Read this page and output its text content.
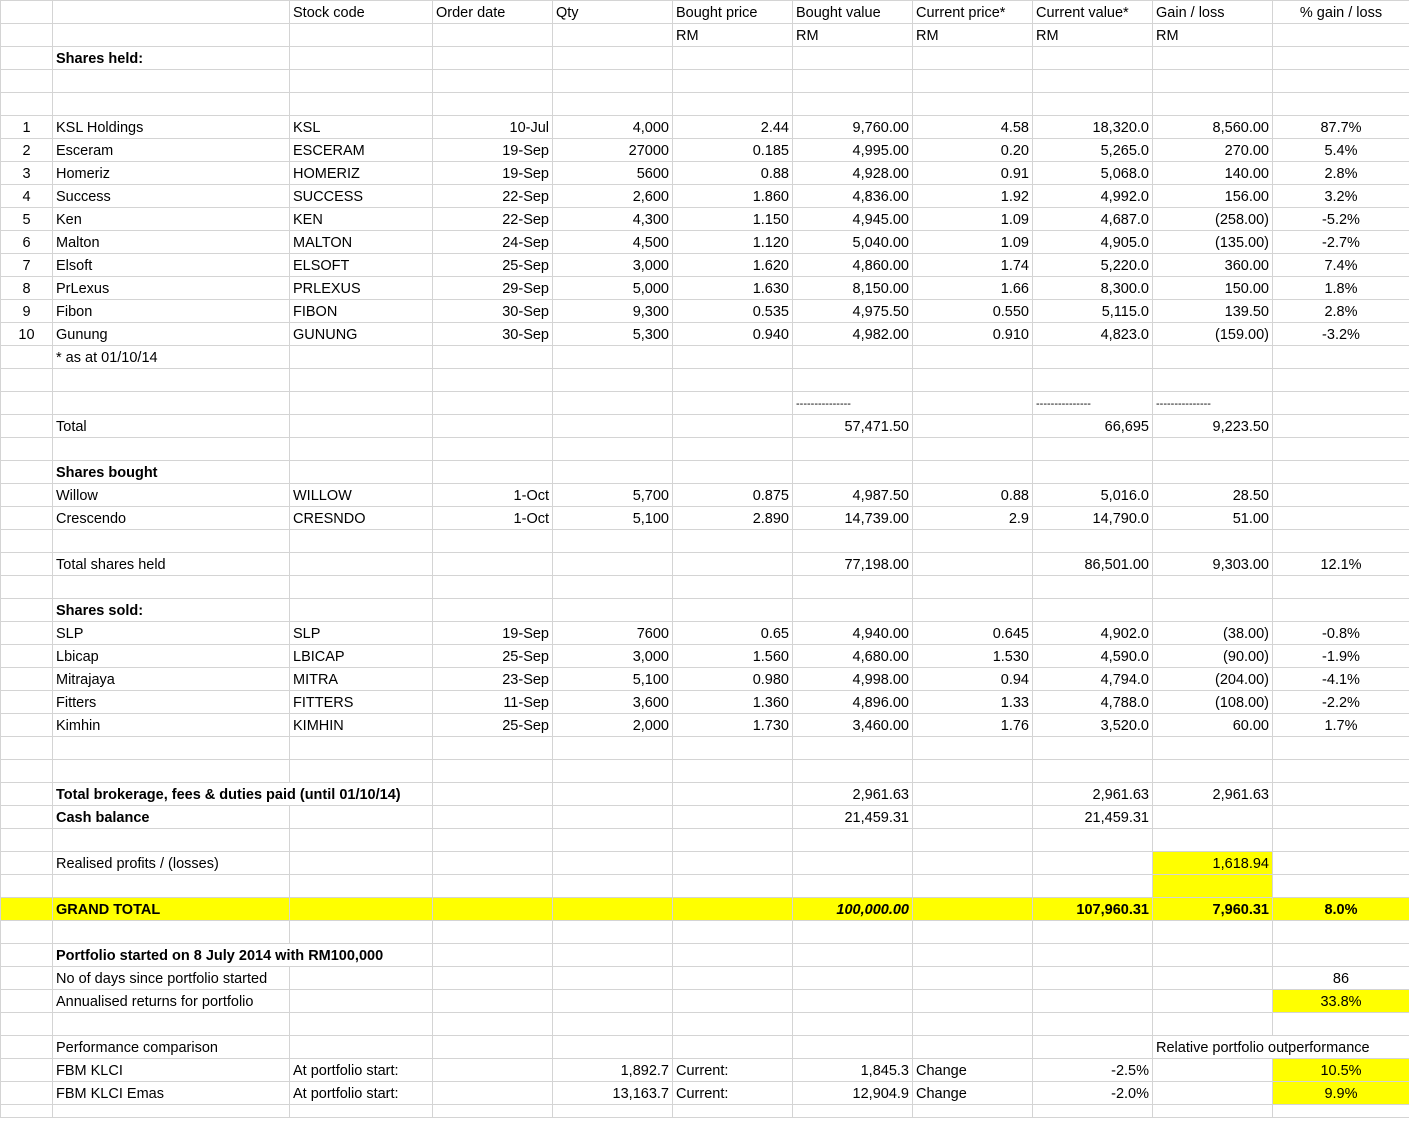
		Stock code	Order date	Qty	Bought price	Bought value	Current price*	Current value*	Gain / loss	% gain / loss
					RM	RM	RM	RM	RM	
	Shares held:									

1	KSL Holdings	KSL	10-Jul	4,000	2.44	9,760.00	4.58	18,320.0	8,560.00	87.7%
2	Esceram	ESCERAM	19-Sep	27000	0.185	4,995.00	0.20	5,265.0	270.00	5.4%
3	Homeriz	HOMERIZ	19-Sep	5600	0.88	4,928.00	0.91	5,068.0	140.00	2.8%
4	Success	SUCCESS	22-Sep	2,600	1.860	4,836.00	1.92	4,992.0	156.00	3.2%
5	Ken	KEN	22-Sep	4,300	1.150	4,945.00	1.09	4,687.0	(258.00)	-5.2%
6	Malton	MALTON	24-Sep	4,500	1.120	5,040.00	1.09	4,905.0	(135.00)	-2.7%
7	Elsoft	ELSOFT	25-Sep	3,000	1.620	4,860.00	1.74	5,220.0	360.00	7.4%
8	PrLexus	PRLEXUS	29-Sep	5,000	1.630	8,150.00	1.66	8,300.0	150.00	1.8%
9	Fibon	FIBON	30-Sep	9,300	0.535	4,975.50	0.550	5,115.0	139.50	2.8%
10	Gunung	GUNUNG	30-Sep	5,300	0.940	4,982.00	0.910	4,823.0	(159.00)	-3.2%
	* as at 01/10/14									

						---------------		---------------	---------------	
	Total					57,471.50		66,695	9,223.50	

	Shares bought									
	Willow	WILLOW	1-Oct	5,700	0.875	4,987.50	0.88	5,016.0	28.50	
	Crescendo	CRESNDO	1-Oct	5,100	2.890	14,739.00	2.9	14,790.0	51.00	

	Total shares held					77,198.00		86,501.00	9,303.00	12.1%

	Shares sold:									
	SLP	SLP	19-Sep	7600	0.65	4,940.00	0.645	4,902.0	(38.00)	-0.8%
	Lbicap	LBICAP	25-Sep	3,000	1.560	4,680.00	1.530	4,590.0	(90.00)	-1.9%
	Mitrajaya	MITRA	23-Sep	5,100	0.980	4,998.00	0.94	4,794.0	(204.00)	-4.1%
	Fitters	FITTERS	11-Sep	3,600	1.360	4,896.00	1.33	4,788.0	(108.00)	-2.2%
	Kimhin	KIMHIN	25-Sep	2,000	1.730	3,460.00	1.76	3,520.0	60.00	1.7%

	Total brokerage, fees & duties paid (until 01/10/14)					2,961.63		2,961.63	2,961.63	
	Cash balance					21,459.31		21,459.31		

	Realised profits / (losses)								1,618.94	

	GRAND TOTAL					100,000.00		107,960.31	7,960.31	8.0%

	Portfolio started on 8 July 2014 with RM100,000									
	No of days since portfolio started									86
	Annualised returns for portfolio									33.8%

	Performance comparison								Relative portfolio outperformance	
	FBM KLCI	At portfolio start:		1,892.7	Current:	1,845.3	Change	-2.5%		10.5%
	FBM KLCI Emas	At portfolio start:		13,163.7	Current:	12,904.9	Change	-2.0%		9.9%
